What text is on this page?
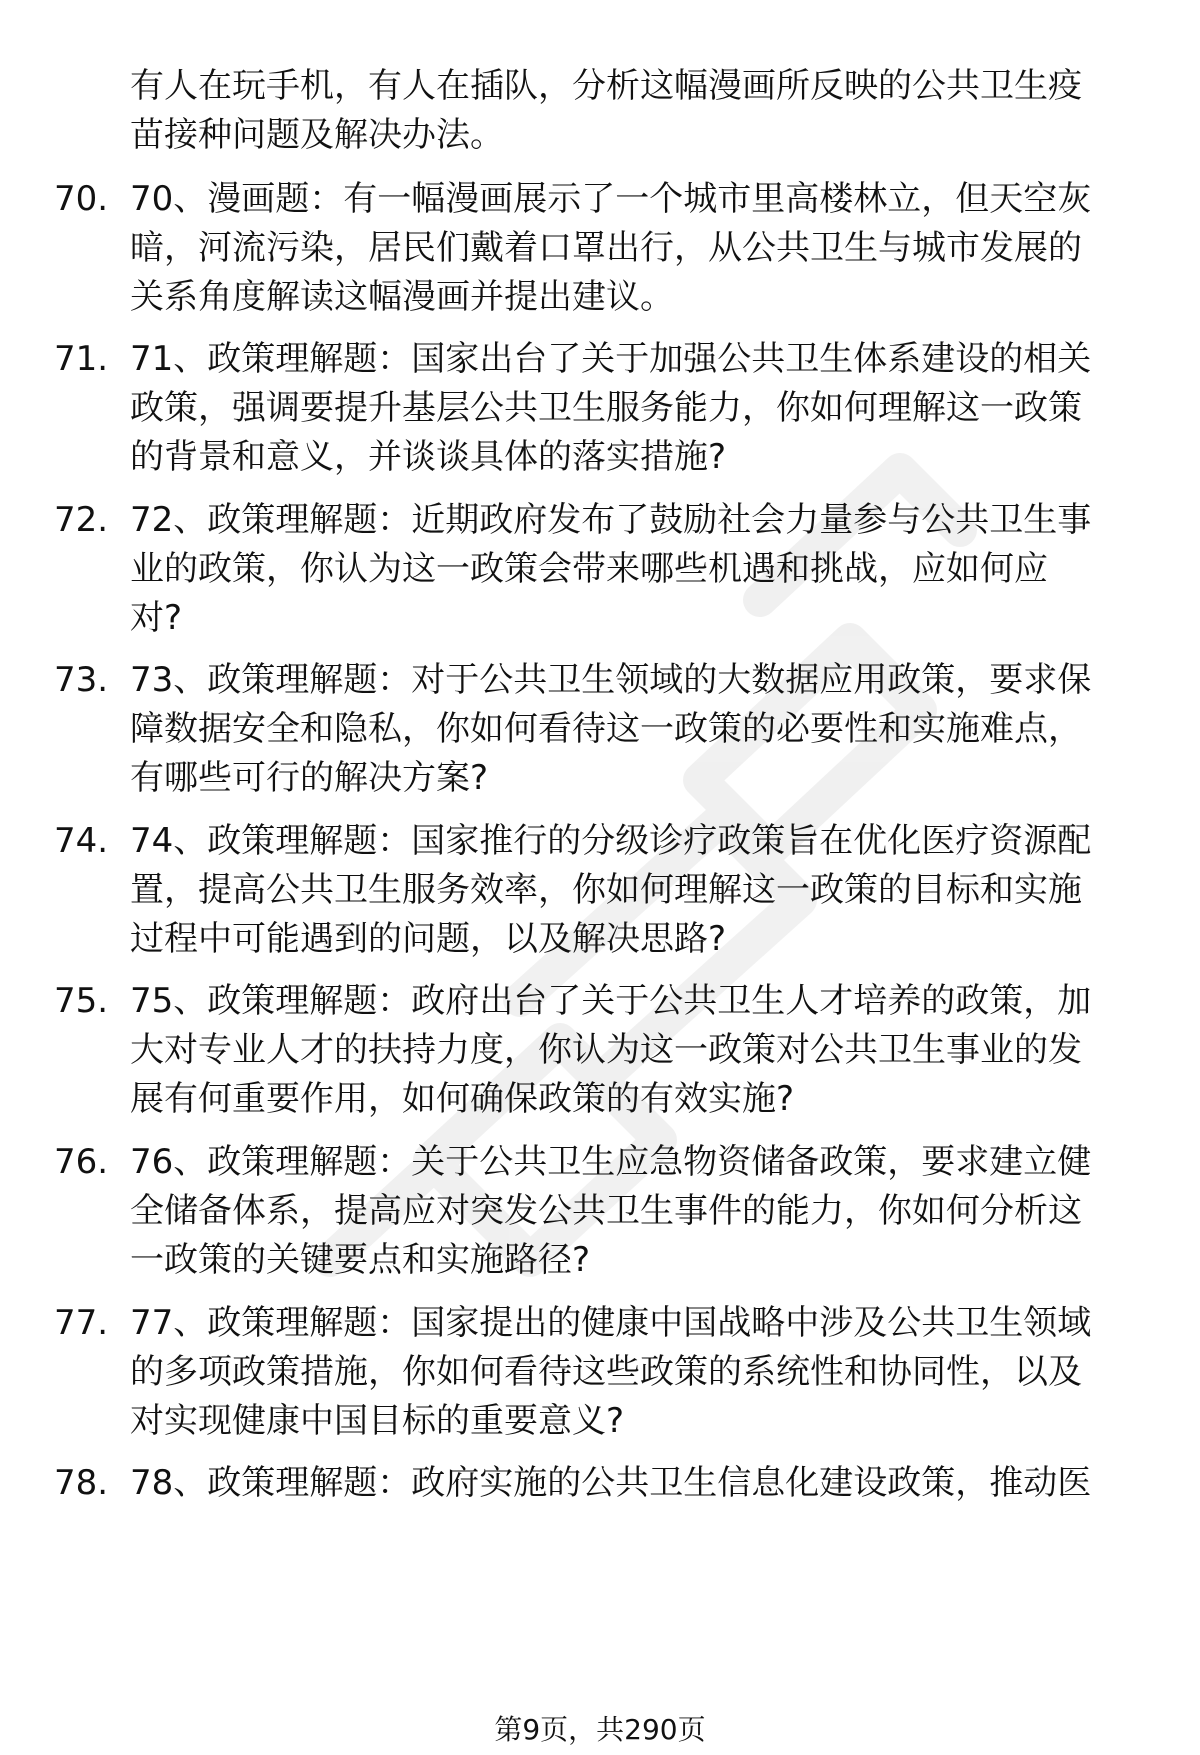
有人在玩手机，有人在插队，分析这幅漫画所反映的公共卫生疫
苗接种问题及解决办法。
70. 70、漫画题：有一幅漫画展示了一个城市里高楼林立，但天空灰
暗，河流污染，居民们戴着口罩出行，从公共卫生与城市发展的
关系角度解读这幅漫画并提出建议。
71. 71、政策理解题：国家出台了关于加强公共卫生体系建设的相关
政策，强调要提升基层公共卫生服务能力，你如何理解这一政策
的背景和意义，并谈谈具体的落实措施?
72. 72、政策理解题：近期政府发布了鼓励社会力量参与公共卫生事
业的政策，你认为这一政策会带来哪些机遇和挑战，应如何应
对?
73. 73、政策理解题：对于公共卫生领域的大数据应用政策，要求保
障数据安全和隐私，你如何看待这一政策的必要性和实施难点，
有哪些可行的解决方案?
74. 74、政策理解题：国家推行的分级诊疗政策旨在优化医疗资源配
置，提高公共卫生服务效率，你如何理解这一政策的目标和实施
过程中可能遇到的问题，以及解决思路?
75. 75、政策理解题：政府出台了关于公共卫生人才培养的政策，加
大对专业人才的扶持力度，你认为这一政策对公共卫生事业的发
展有何重要作用，如何确保政策的有效实施?
76. 76、政策理解题：关于公共卫生应急物资储备政策，要求建立健
全储备体系，提高应对突发公共卫生事件的能力，你如何分析这
一政策的关键要点和实施路径?
77. 77、政策理解题：国家提出的健康中国战略中涉及公共卫生领域
的多项政策措施，你如何看待这些政策的系统性和协同性，以及
对实现健康中国目标的重要意义?
78. 78、政策理解题：政府实施的公共卫生信息化建设政策，推动医
第9页，共290页
